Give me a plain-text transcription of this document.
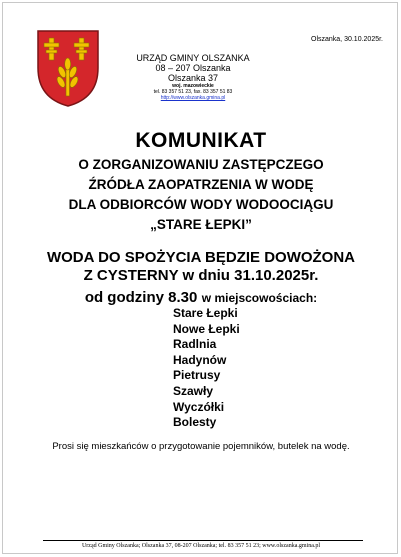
Olszanka, 30.10.2025r.
URZĄD GMINY OLSZANKA
08 – 207 Olszanka
Olszanka 37
woj. mazowieckie
tel. 83 357 51 23, fax. 83 357 51 83
http://www.olszanka.gmina.pl
KOMUNIKAT
O ZORGANIZOWANIU ZASTĘPCZEGO
ŹRÓDŁA ZAOPATRZENIA W WODĘ
DLA ODBIORCÓW WODY WODOOCIĄGU
„STARE ŁEPKI”
WODA DO SPOŻYCIA BĘDZIE DOWOŻONA
Z CYSTERNY w dniu 31.10.2025r.
od godziny 8.30 w miejscowościach:
Stare Łepki
Nowe Łepki
Radlnia
Hadynów
Pietrusy
Szawły
Wyczółki
Bolesty
Prosi się mieszkańców o przygotowanie pojemników, butelek na wodę.
Urząd Gminy Olszanka; Olszanka 37, 08-207 Olszanka; tel. 83 357 51 23; www.olszanka.gmina.pl
